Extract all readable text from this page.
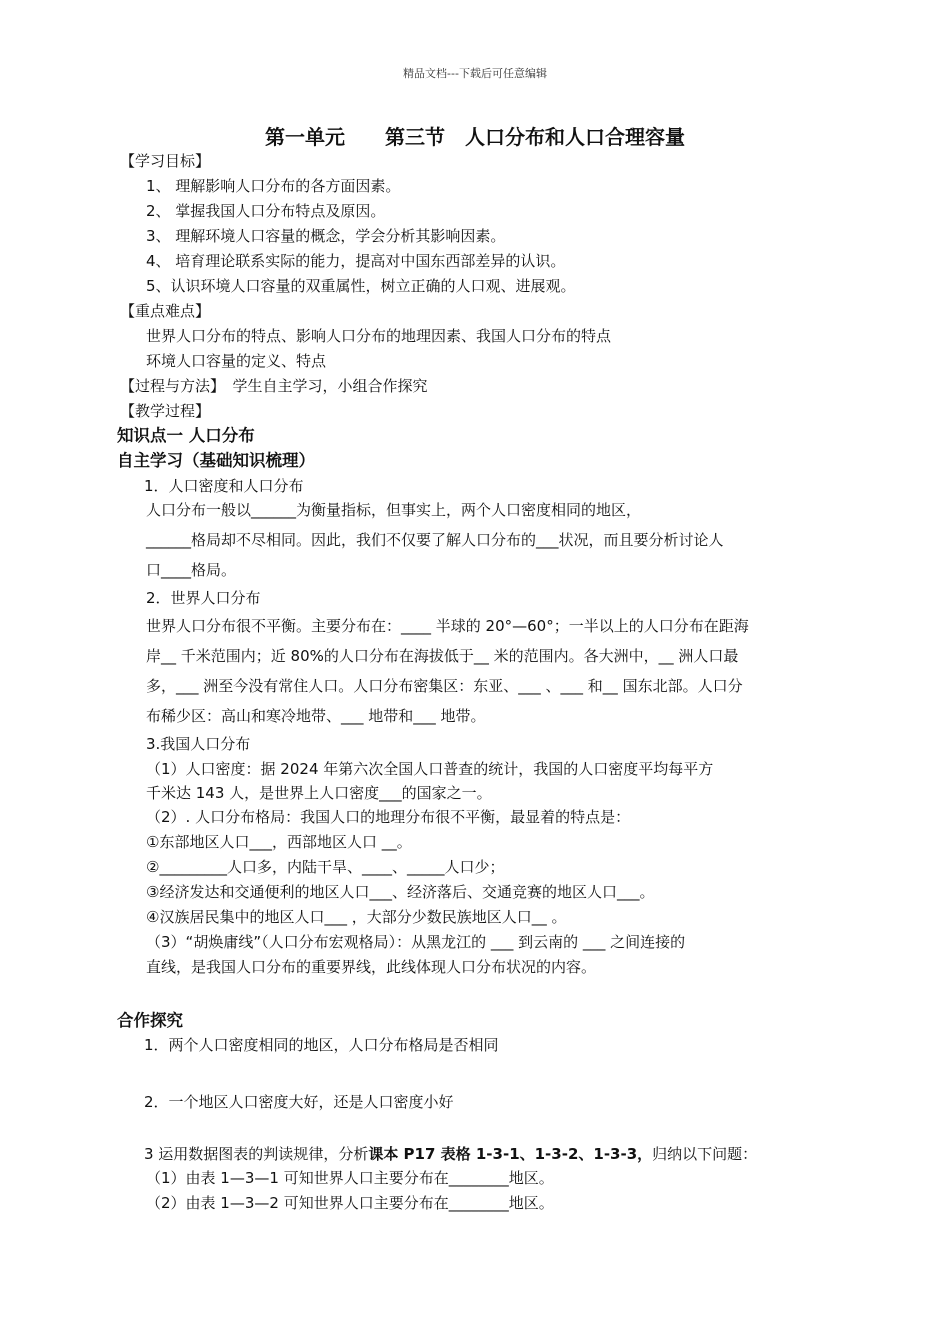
精品文档---下载后可任意编辑
第一单元　　第三节　人口分布和人口合理容量
【学习目标】
1、 理解影响人口分布的各方面因素。
2、 掌握我国人口分布特点及原因。
3、 理解环境人口容量的概念，学会分析其影响因素。
4、 培育理论联系实际的能力，提高对中国东西部差异的认识。
5、认识环境人口容量的双重属性，树立正确的人口观、进展观。
【重点难点】
世界人口分布的特点、影响人口分布的地理因素、我国人口分布的特点
环境人口容量的定义、特点
【过程与方法】　学生自主学习，小组合作探究
【教学过程】
知识点一 人口分布
自主学习（基础知识梳理）
1．人口密度和人口分布
人口分布一般以______为衡量指标，但事实上，两个人口密度相同的地区，
______格局却不尽相同。因此，我们不仅要了解人口分布的___状况，而且要分析讨论人
口____格局。
2．世界人口分布
世界人口分布很不平衡。主要分布在：____ 半球的 20°—60°；一半以上的人口分布在距海
岸__ 千米范围内；近 80%的人口分布在海拔低于__ 米的范围内。各大洲中，__ 洲人口最
多，___ 洲至今没有常住人口。人口分布密集区：东亚、___ 、___ 和__ 国东北部。人口分
布稀少区：高山和寒冷地带、___ 地带和___ 地带。
3.我国人口分布
（1）人口密度：据 2024 年第六次全国人口普查的统计，我国的人口密度平均每平方
千米达 143 人，是世界上人口密度___的国家之一。
（2）. 人口分布格局：我国人口的地理分布很不平衡，最显着的特点是：
①东部地区人口___，西部地区人口 __。
②_________人口多，内陆干旱、____、_____人口少；
③经济发达和交通便利的地区人口___、经济落后、交通竞赛的地区人口___。
④汉族居民集中的地区人口___ ，大部分少数民族地区人口__ 。
（3）“胡焕庸线”（人口分布宏观格局）：从黑龙江的 ___ 到云南的 ___ 之间连接的
直线，是我国人口分布的重要界线，此线体现人口分布状况的内容。
合作探究
1．两个人口密度相同的地区，人口分布格局是否相同
2．一个地区人口密度大好，还是人口密度小好
3 运用数据图表的判读规律，分析课本 P17 表格 1-3-1、1-3-2、1-3-3，归纳以下问题：
（1）由表 1—3—1 可知世界人口主要分布在________地区。
（2）由表 1—3—2 可知世界人口主要分布在________地区。
